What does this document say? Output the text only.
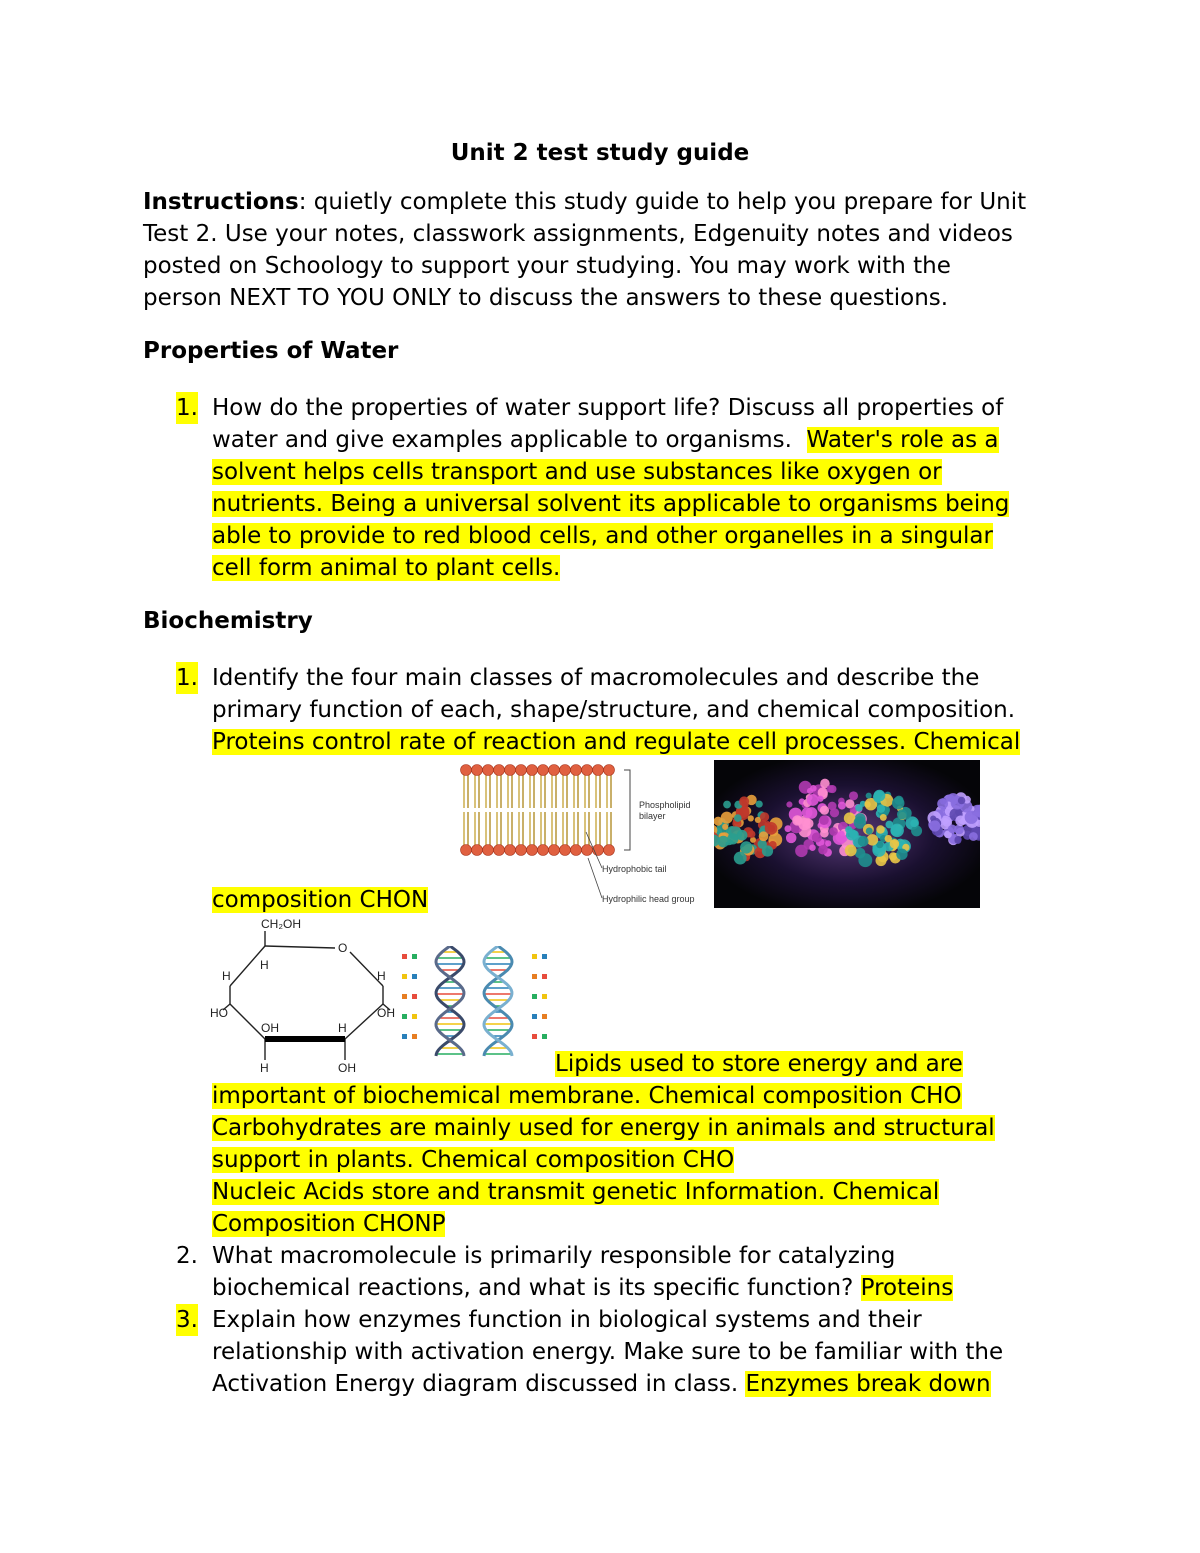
Unit 2 test study guide

Instructions: quietly complete this study guide to help you prepare for Unit
Test 2. Use your notes, classwork assignments, Edgenuity notes and videos
posted on Schoology to support your studying. You may work with the
person NEXT TO YOU ONLY to discuss the answers to these questions.
Properties of Water
1. How do the properties of water support life? Discuss all properties of
water and give examples applicable to organisms. Water's role as a
solvent helps cells transport and use substances like oxygen or
nutrients. Being a universal solvent its applicable to organisms being
able to provide to red blood cells, and other organelles in a singular
cell form animal to plant cells.
Biochemistry
1. Identify the four main classes of macromolecules and describe the
primary function of each, shape/structure, and chemical composition.
Proteins control rate of reaction and regulate cell processes. Chemical
Phospholipid
bilayer
Hydrophobic tail
Hydrophilic head group
composition CHON
CH₂OH
O
H
H	H
HO	OH
OH	H
H	OH	Lipids used to store energy and are
important of biochemical membrane. Chemical composition CHO
Carbohydrates are mainly used for energy in animals and structural
support in plants. Chemical composition CHO
Nucleic Acids store and transmit genetic Information. Chemical
Composition CHONP
2. What macromolecule is primarily responsible for catalyzing
biochemical reactions, and what is its specific function? Proteins
3. Explain how enzymes function in biological systems and their
relationship with activation energy. Make sure to be familiar with the
Activation Energy diagram discussed in class. Enzymes break down
